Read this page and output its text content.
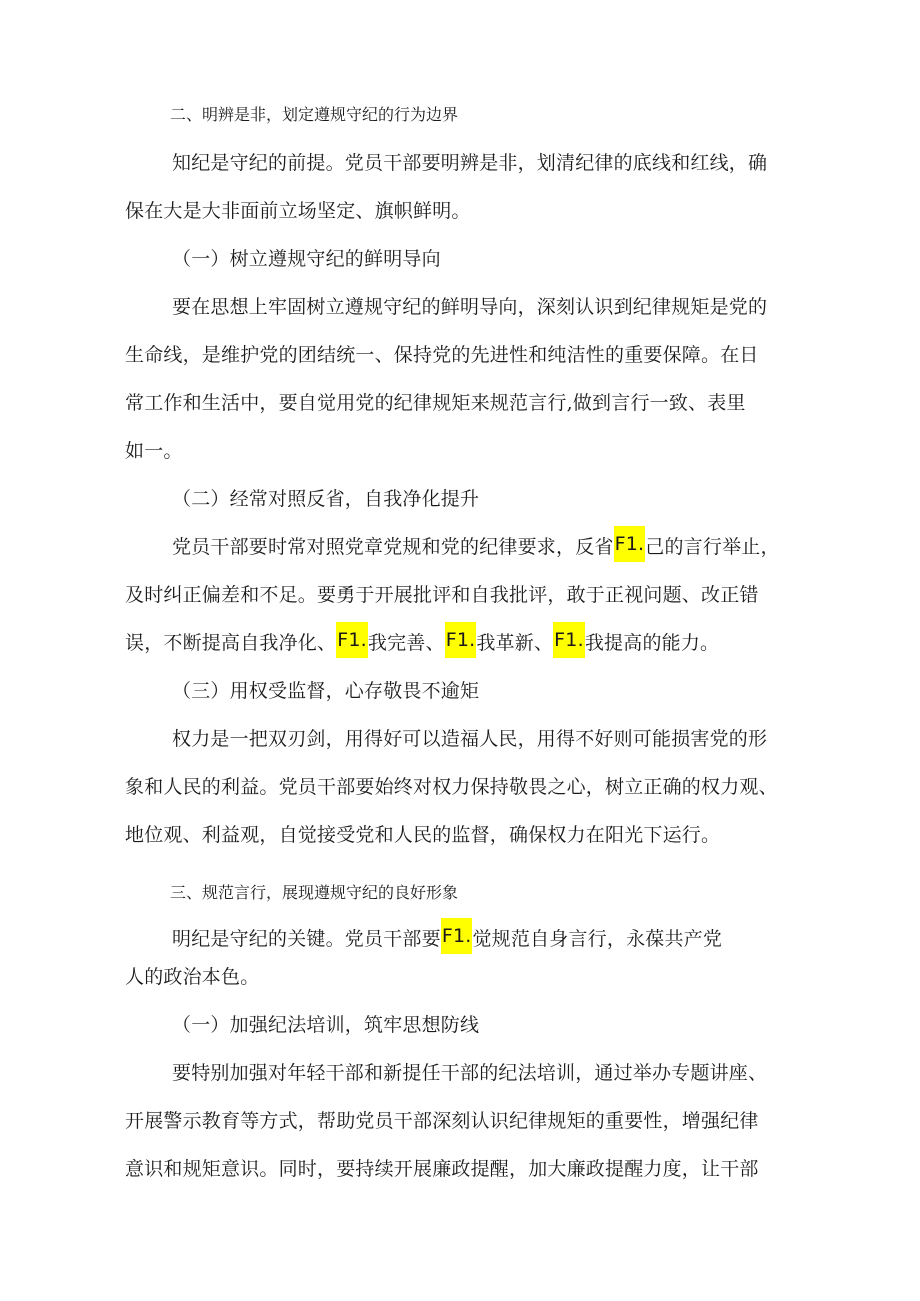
二、明辨是非，划定遵规守纪的行为边界
知纪是守纪的前提。党员干部要明辨是非，划清纪律的底线和红线，确
保在大是大非面前立场坚定、旗帜鲜明。
（一）树立遵规守纪的鲜明导向
要在思想上牢固树立遵规守纪的鲜明导向，深刻认识到纪律规矩是党的
生命线，是维护党的团结统一、保持党的先进性和纯洁性的重要保障。在日
常工作和生活中，要自觉用党的纪律规矩来规范言行,做到言行一致、表里
如一。
（二）经常对照反省，自我净化提升
党员干部要时常对照党章党规和党的纪律要求，反省F1.己的言行举止，
及时纠正偏差和不足。要勇于开展批评和自我批评，敢于正视问题、改正错
误，不断提高自我净化、F1.我完善、F1.我革新、F1.我提高的能力。
（三）用权受监督，心存敬畏不逾矩
权力是一把双刃剑，用得好可以造福人民，用得不好则可能损害党的形
象和人民的利益。党员干部要始终对权力保持敬畏之心，树立正确的权力观、
地位观、利益观，自觉接受党和人民的监督，确保权力在阳光下运行。
三、规范言行，展现遵规守纪的良好形象
明纪是守纪的关键。党员干部要F1.觉规范自身言行，永葆共产党
人的政治本色。
（一）加强纪法培训，筑牢思想防线
要特别加强对年轻干部和新提任干部的纪法培训，通过举办专题讲座、
开展警示教育等方式，帮助党员干部深刻认识纪律规矩的重要性，增强纪律
意识和规矩意识。同时，要持续开展廉政提醒，加大廉政提醒力度，让干部
